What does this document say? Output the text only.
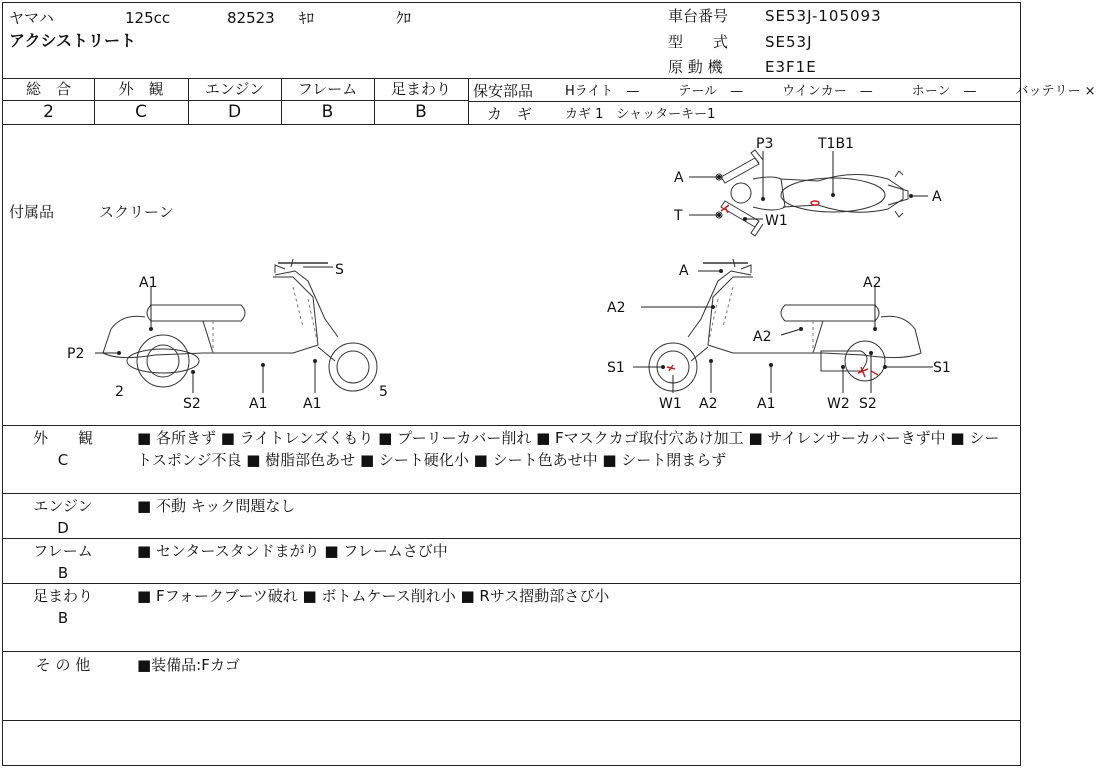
ヤマハ	125cc	82523 ｷﾛ	ｸﾛ
アクシストリート
車台番号 SE53J-105093
型　　式 SE53J
原 動 機	E3F1E
総　合
2
外　観
C
エンジン
D
フレーム
B
足まわり
B
保安部品 Hライト　—　　　テール　—　　　ウインカー　—　　　ホーン　—　　　バッテリー ×
カ　ギ	カギ 1　シャッターキー1
付属品	スクリーン
P3	T1B1
A
A
T	W1
S
A1
P2
2
S2	A1	A1
5
A
A2
A2
A2
S1	S1
W1 A2	A1	W2 S2
外　　観
C
■ 各所きず ■ ライトレンズくもり ■ プーリーカバー削れ ■ Fマスクカゴ取付穴あけ加工 ■ サイレンサーカバーきず中 ■ シートスポンジ不良 ■ 樹脂部色あせ ■ シート硬化小 ■ シート色あせ中 ■ シート閉まらず
エンジン
D
■ 不動 キック問題なし
フレーム
B
■ センタースタンドまがり ■ フレームさび中
足まわり
B
■ Fフォークブーツ破れ ■ ボトムケース削れ小 ■ Rサス摺動部さび小
そ の 他	■装備品:Fカゴ
